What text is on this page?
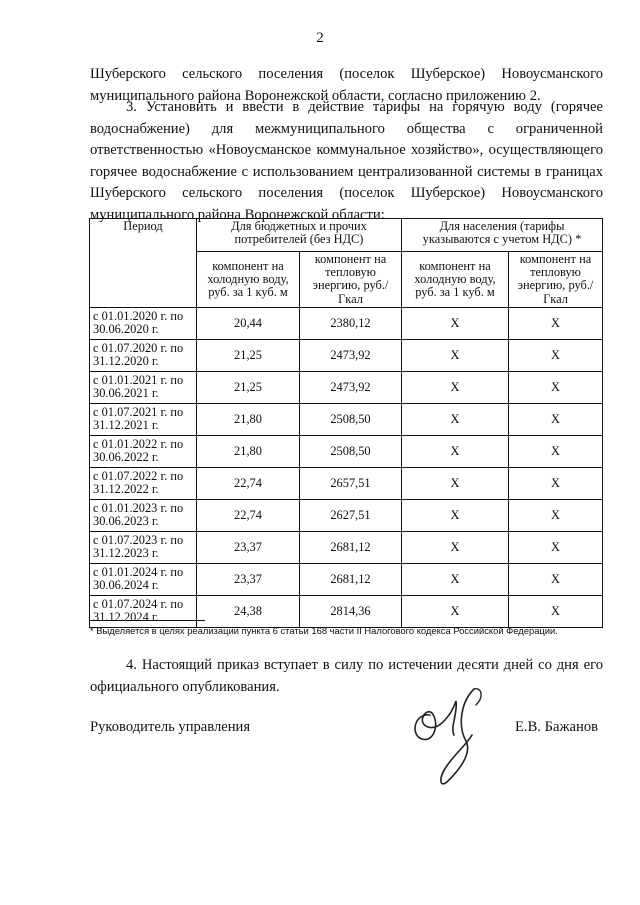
2
Шуберского сельского поселения (поселок Шуберское) Новоусманского муниципального района Воронежской области, согласно приложению 2.
3. Установить и ввести в действие тарифы на горячую воду (горячее водоснабжение) для межмуниципального общества с ограниченной ответственностью «Новоусманское коммунальное хозяйство», осуществляющего горячее водоснабжение с использованием централизованной системы в границах Шуберского сельского поселения (поселок Шуберское) Новоусманского муниципального района Воронежской области:
Период	Для бюджетных и прочих потребителей (без НДС)		Для населения (тарифы указываются с учетом НДС) *	
	компонент на холодную воду, руб. за 1 куб. м	компонент на тепловую энергию, руб./Гкал	компонент на холодную воду, руб. за 1 куб. м	компонент на тепловую энергию, руб./Гкал
с 01.01.2020 г. по 30.06.2020 г.	20,44	2380,12	Х	Х
с 01.07.2020 г. по 31.12.2020 г.	21,25	2473,92	Х	Х
с 01.01.2021 г. по 30.06.2021 г.	21,25	2473,92	Х	Х
с 01.07.2021 г. по 31.12.2021 г.	21,80	2508,50	Х	Х
с 01.01.2022 г. по 30.06.2022 г.	21,80	2508,50	Х	Х
с 01.07.2022 г. по 31.12.2022 г.	22,74	2657,51	Х	Х
с 01.01.2023 г. по 30.06.2023 г.	22,74	2627,51	Х	Х
с 01.07.2023 г. по 31.12.2023 г.	23,37	2681,12	Х	Х
с 01.01.2024 г. по 30.06.2024 г.	23,37	2681,12	Х	Х
с 01.07.2024 г. по 31.12.2024 г.	24,38	2814,36	Х	Х
* Выделяется в целях реализации пункта 6 статьи 168 части II Налогового кодекса Российской Федерации.
4. Настоящий приказ вступает в силу по истечении десяти дней со дня его официального опубликования.
Руководитель управления	Е.В. Бажанов
